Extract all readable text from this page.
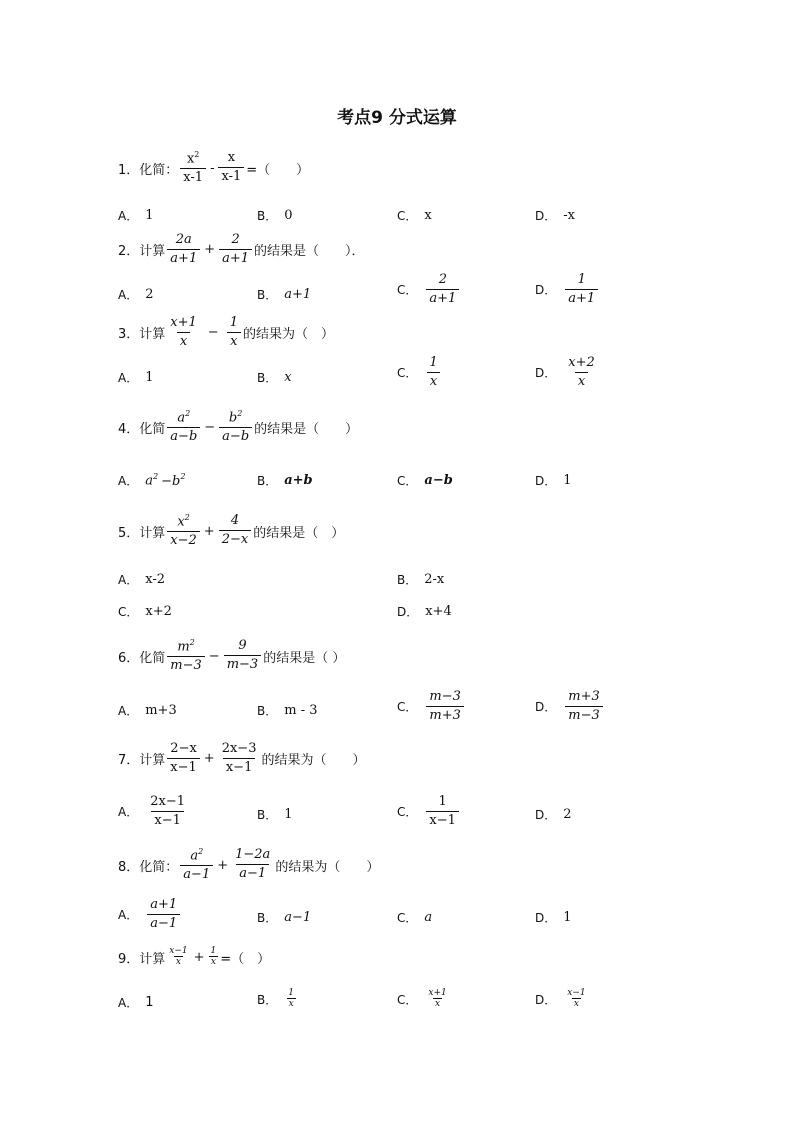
考点9 分式运算
1． 化简： $\frac{x^2}{x-1} - \frac{x}{x-1}$ =（　　）
A． 1	B． 0	C． x	D． -x
2． 计算 $\frac{2a}{a+1} + \frac{2}{a+1}$ 的结果是（　　）．
A． 2	B． a+1	C． $\frac{2}{a+1}$	D． $\frac{1}{a+1}$
3． 计算 $\frac{x+1}{x} - \frac{1}{x}$ 的结果为（　）
A． 1	B． x	C． $\frac{1}{x}$	D． $\frac{x+2}{x}$
4． 化简 $\frac{a^2}{a-b} - \frac{b^2}{a-b}$ 的结果是（　　）
A． $a^2 -b^2$	B． a+b	C． a−b	D． 1
5． 计算 $\frac{x^2}{x-2} + \frac{4}{2-x}$ 的结果是（　）
A． x-2	B． 2-x
C． x+2	D． x+4
6． 化简 $\frac{m^2}{m-3} - \frac{9}{m-3}$ 的结果是（ ）
A． m+3	B． m - 3	C． $\frac{m-3}{m+3}$	D． $\frac{m+3}{m-3}$
7． 计算 $\frac{2-x}{x-1} + \frac{2x-3}{x-1}$ 的结果为（　　）
A． $\frac{2x-1}{x-1}$	B． 1	C． $\frac{1}{x-1}$	D． 2
8． 化简： $\frac{a^2}{a-1} + \frac{1-2a}{a-1}$ 的结果为（　　）
A． $\frac{a+1}{a-1}$	B． a−1	C． a	D． 1
9． 计算 $\frac{x-1}{x} + \frac{1}{x}$ =（　）
A． 1	B． $\frac{1}{x}$	C． $\frac{x+1}{x}$	D． $\frac{x-1}{x}$
